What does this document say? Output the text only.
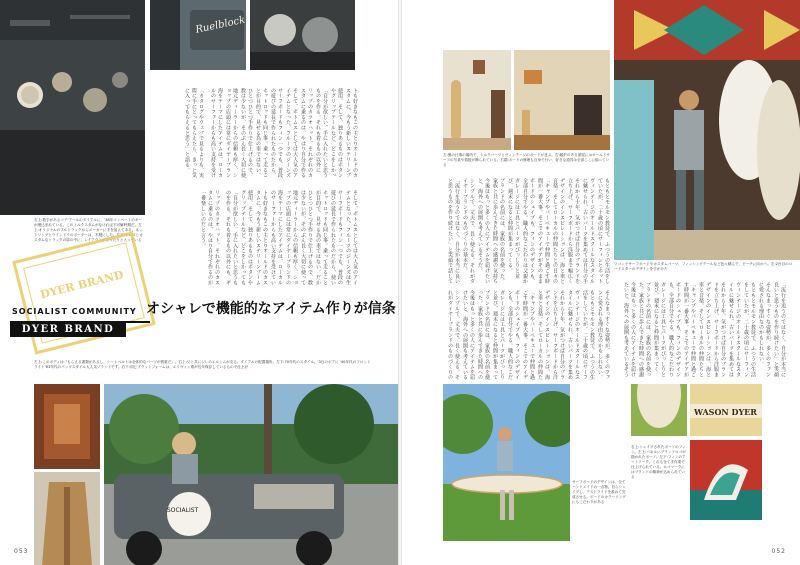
Ruelblock
トも好きなもこの主とりオールドのカスタムに、今もう新しいステリーンブ
使用、そして、独りあるものはボタンやグリップテールなど、どこをしかっ
「自分が欲しい、手に入れたいと思うものを作る。それも着るもの以外に
リップのカツオハット、それぞれのカスタムに乗るのは、やはり自分で作る
そして、ボトムスとしては大人気のアイテムとなった、フルーツのジーンズ
サーフボードもフィン一つでも、普段の遊びの延長で作られたものだから、
ホットロッドも同じ事。乗って走ることが目的で、見せる為の車ではない。
ひとつひとつ手作りで仕上げるので、数は少ないが、そのぶん長く大切に使
地元ディーラーからの信頼も厚く、ショップの店頭には常にダイヤーブラン
海をテーマにしたアイテムは、ローカルのサーファーからも高い支持を受け
「カタログやウェブで見るよりも、実際に手にとってもらえたら、きっと気に入ってもらえると思う」と語る。
そして、ボトムスとしては大人気のアイテムとなった、フルーツのジーンズは生
サーフボードもフィン一つでも、普段の遊びの延長で作られたものだから、使い
ホットロッドも同じ事。乗って走ることが目的で、見せる為の車ではない。だか
ひとつひとつ手作りで仕上げるので、数は少ないが、そのぶん長く大切に使って
地元ディーラーからの信頼も厚く、ショップの店頭には常にダイヤーブランドの
海をテーマにしたアイテムは、ローカルのサーファーからも高い支持を受けてい
トも好きなもこの主とりオールドのカスタムに、今もう新しいステリーンブーム
使用、そして、独りあるものはボタンやグリップテールなど、どこをしかっても
「自分が欲しい、手に入れたいと思うものを作る。それも着るもの以外にも、ギ
リップのカツオハット、それぞれのカスタムに乗るのは、やはり自分で作るのが一番楽しいのだと言う。
右上:数字があるコテ'アールのダイアルに、’38年コンペートのキーが埋込まれている。このトルクスタムがなければ不可解時期だ。左上:オリジナルのフルトラックからメーカーに手を加えてある。ネットリングとウインドウのボーダーは、木製にした。左下:ドレスとカスタムなトラックの扉の中に、レイアウトがぴったりと入っている
DYER BRAND
SOCIALIST COMMUNITY
DYER BRAND
オシャレで機能的なアイテム作りが信条
左上:このボディは「もらえる書類があるし、シートベルトは全体的なパーツが貴重だ」。右上:父と共にジレのエルンムが走る。ダイアルの配置場所。左下:70年代のスタイル。'3日のボアに '40年代のフロントライト'63年代のパンツスタイル大人気ブランドです。右下:同じプラットフォームは、エリヴィン系が長年保存しているもので仕上げ
SOCIALIST
053
左:裏の仕事の場所で、トルクパーツとヴィンテージのボードが並ぶ。右:暖炉のある部屋にはオールドサーフの写真や看板が飾られている。右端:ボードの修理も自身で行い、好きな道具は全部ここに揃っている
ワゴンでサーフボードやカスタムパーツ、フィッシングテールなど色々積んで、ビーチに向かう。左:2台目のロードスターのデザインを手がけた
もともとモルモン教徒で、ふつうの生活をしていたが、二十歳の頃にサーフィンとホット
ヴィンテージのオールドスクールなスタイルに魅せられ、古いパーツを集めては自分の手
それから十年、気がつけば自分のブランドを立ち上げ、サーフボードから洋服まで幅広く
デザインのインスピレーションは、海と車と音楽。そしてローカルの仲間たちとの日々の
「キャンプやバーベキューで仲間と過ごす時間が一番大事。そこでのアイデアがそのまま
ボードのシェイプも、フィンのデザインも、全部自分でやる。職人的なこだわりは父親か
ガレージには工具とパーツがびっしりと並び、週末になると仲間が集まってくる。
ブランドの名前には、家族の名前を使った。家族と共に歩んできた時間への感謝の気持ち
今後はもっと多くの人にアイテムを届けたいと、海外への展開も考えているそうだ。
シンプルで、丈夫で、長く使える。それがダイヤーブランドのものづくりの基本だ。
「流行を追うのではなく、自分が本当に良いと思うものを作り続けたい」と笑顔で話して
そんなまっすぐな姿勢が、多くのファンに愛される理由なのかもしれない。
もともとモルモン教徒で、ふつうの生活をしていたが、二十歳の頃にサーフ
ヴィンテージのオールドスクールなスタイルに魅せられ、古いパーツを集め
それから十年、気がつけば自分のブランドを立ち上げ、サーフボードから洋
デザインのインスピレーションは、海と車と音楽。そしてローカルの仲間た
「キャンプやバーベキューで仲間と過ごす時間が一番大事。そこでのアイデ
ボードのシェイプも、フィンのデザインも、全部自分でやる。職人的なこだ
ガレージには工具とパーツがびっしりと並び、週末になると仲間が集まって
ブランドの名前には、家族の名前を使った。家族と共に歩んできた時間への
今後はもっと多くの人にアイテムを届けたいと、海外への展開も考えている
シンプルで、丈夫で、長く使える。それがダイヤーブランドのものづくりの
「流行を追うのではなく、自分が本当に良いと思うものを作り続けたい」と笑顔
そんなまっすぐな姿勢が、多くのファンに愛される理由なのかもしれない。
もともとモルモン教徒で、ふつうの生活をしていたが、二十歳の頃にサーフィン
ヴィンテージのオールドスクールなスタイルに魅せられ、古いパーツを集めては
それから十年、気がつけば自分のブランドを立ち上げ、サーフボードから洋服ま
デザインのインスピレーションは、海と車と音楽。そしてローカルの仲間たちと
「キャンプやバーベキューで仲間と過ごす時間が一番大事。そこでのアイデアが
ボードのシェイプも、フィンのデザインも、全部自分でやる。職人的なこだわり
ガレージには工具とパーツがびっしりと並び、週末になると仲間が集まってく
ブランドの名前には、家族の名前を使った。家族と共に歩んできた時間への感謝
今後はもっと多くの人にアイテムを届けたいと、海外への展開も考えているそう
サーフボードのデザインは、全てハンドメイドの一点物。自らシェイプし、テストライドを重ねて完成させる。ボードのカラーリングにもこだわりがある
WASON DYER
右上:シェイプされたボードのフィン。左上:パネルにブランドロゴが描かれたボード。左下:フィンのアートワーク。これも全て手作業で仕上げられている。ロゴマークにはブランドの精神が込められている
052
